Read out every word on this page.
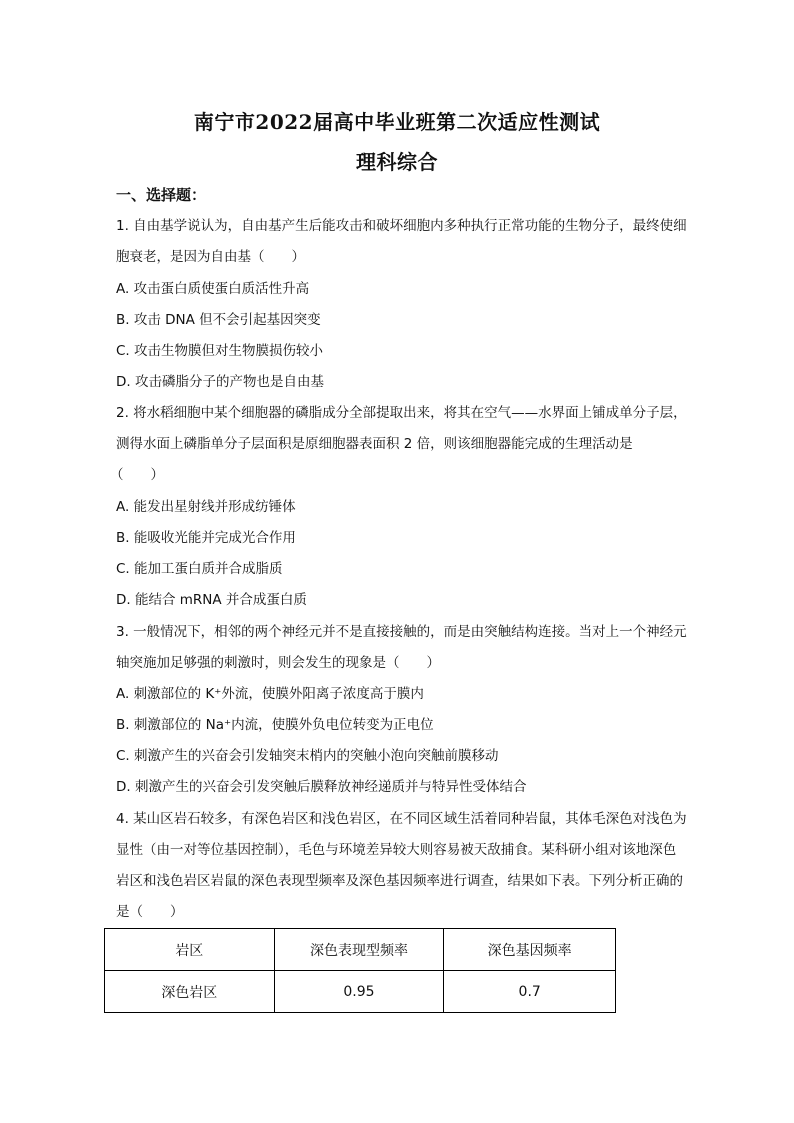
南宁市2022届高中毕业班第二次适应性测试
理科综合
一、选择题：
1. 自由基学说认为，自由基产生后能攻击和破坏细胞内多种执行正常功能的生物分子，最终使细
胞衰老，是因为自由基（　　）
A. 攻击蛋白质使蛋白质活性升高
B. 攻击 DNA 但不会引起基因突变
C. 攻击生物膜但对生物膜损伤较小
D. 攻击磷脂分子的产物也是自由基
2. 将水稻细胞中某个细胞器的磷脂成分全部提取出来，将其在空气——水界面上铺成单分子层，
测得水面上磷脂单分子层面积是原细胞器表面积 2 倍，则该细胞器能完成的生理活动是
（　　）
A. 能发出星射线并形成纺锤体
B. 能吸收光能并完成光合作用
C. 能加工蛋白质并合成脂质
D. 能结合 mRNA 并合成蛋白质
3. 一般情况下，相邻的两个神经元并不是直接接触的，而是由突触结构连接。当对上一个神经元
轴突施加足够强的刺激时，则会发生的现象是（　　）
A. 刺激部位的 K⁺外流，使膜外阳离子浓度高于膜内
B. 刺激部位的 Na⁺内流，使膜外负电位转变为正电位
C. 刺激产生的兴奋会引发轴突末梢内的突触小泡向突触前膜移动
D. 刺激产生的兴奋会引发突触后膜释放神经递质并与特异性受体结合
4. 某山区岩石较多，有深色岩区和浅色岩区，在不同区域生活着同种岩鼠，其体毛深色对浅色为
显性（由一对等位基因控制），毛色与环境差异较大则容易被天敌捕食。某科研小组对该地深色
岩区和浅色岩区岩鼠的深色表现型频率及深色基因频率进行调查，结果如下表。下列分析正确的
是（　　）
岩区	深色表现型频率	深色基因频率
深色岩区	0.95	0.7
